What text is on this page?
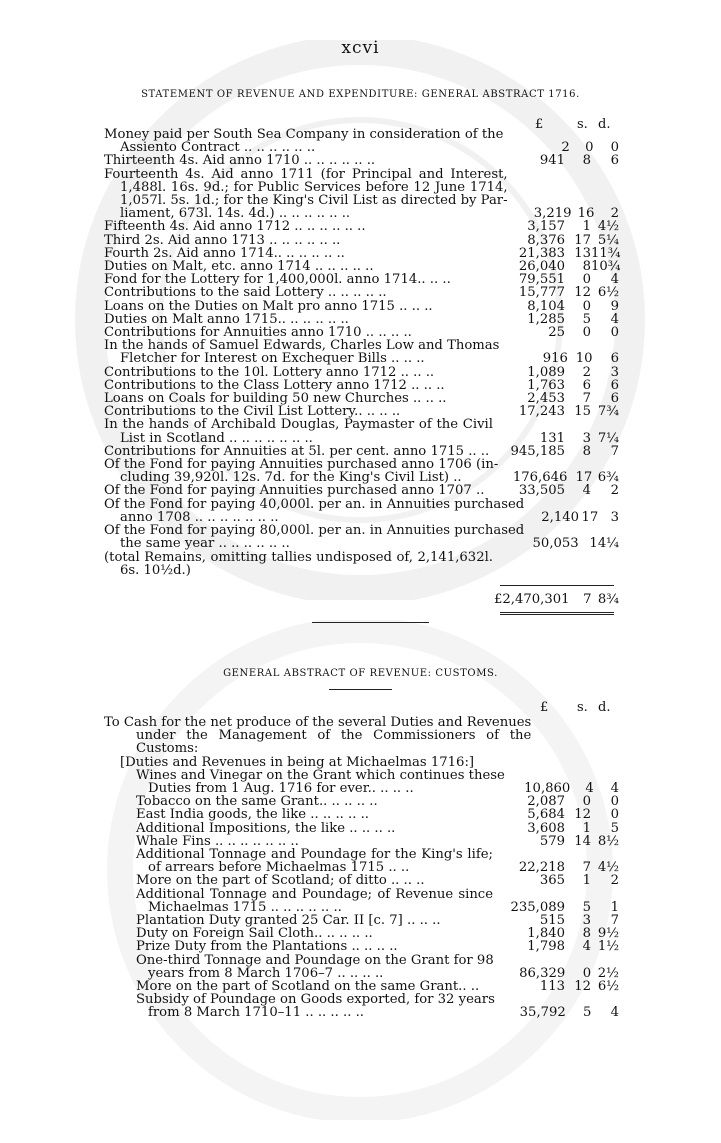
xcvi
STATEMENT OF REVENUE AND EXPENDITURE: GENERAL ABSTRACT 1716.
£	s. d.
Money paid per South Sea Company in consideration of the
Assiento Contract .. .. .. .. .. ..	2	0	0
Thirteenth 4s. Aid anno 1710 .. .. .. .. .. ..	941	8	6
Fourteenth 4s. Aid anno 1711 (for Principal and Interest,
1,488l. 16s. 9d.; for Public Services before 12 June 1714,
1,057l. 5s. 1d.; for the King's Civil List as directed by Par-
liament, 673l. 14s. 4d.) .. .. .. .. .. ..	3,219 16	2
Fifteenth 4s. Aid anno 1712 .. .. .. .. .. ..	3,157	1 4½
Third 2s. Aid anno 1713 .. .. .. .. .. ..	8,376 17 5¼
Fourth 2s. Aid anno 1714.. .. .. .. .. ..	21,383 13 11¾
Duties on Malt, etc. anno 1714 .. .. .. .. ..	26,040	8 10¾
Fond for the Lottery for 1,400,000l. anno 1714.. .. ..	79,551	0	4
Contributions to the said Lottery .. .. .. .. ..	15,777 12 6½
Loans on the Duties on Malt pro anno 1715 .. .. ..	8,104	0	9
Duties on Malt anno 1715.. .. .. .. .. ..	1,285	5	4
Contributions for Annuities anno 1710 .. .. .. ..	25	0	0
In the hands of Samuel Edwards, Charles Low and Thomas
Fletcher for Interest on Exchequer Bills .. .. ..	916 10	6
Contributions to the 10l. Lottery anno 1712 .. .. ..	1,089	2	3
Contributions to the Class Lottery anno 1712 .. .. ..	1,763	6	6
Loans on Coals for building 50 new Churches .. .. ..	2,453	7	6
Contributions to the Civil List Lottery.. .. .. ..	17,243 15 7¾
In the hands of Archibald Douglas, Paymaster of the Civil
List in Scotland .. .. .. .. .. .. ..	131	3 7¼
Contributions for Annuities at 5l. per cent. anno 1715 .. ..	945,185	8	7
Of the Fond for paying Annuities purchased anno 1706 (in-
cluding 39,920l. 12s. 7d. for the King's Civil List) ..	176,646 17 6¾
Of the Fond for paying Annuities purchased anno 1707 ..	33,505	4	2
Of the Fond for paying 40,000l. per an. in Annuities purchased
anno 1708 .. .. .. .. .. .. ..	2,140 17 3
Of the Fond for paying 80,000l. per an. in Annuities purchased
the same year .. .. .. .. .. ..	50,053 1 4¼
(total Remains, omitting tallies undisposed of, 2,141,632l.
6s. 10½d.)
£2,470,301	7 8¾
GENERAL ABSTRACT OF REVENUE: CUSTOMS.
£ s. d.
To Cash for the net produce of the several Duties and Revenues
under the Management of the Commissioners of the
Customs:
[Duties and Revenues in being at Michaelmas 1716:]
Wines and Vinegar on the Grant which continues these
Duties from 1 Aug. 1716 for ever.. .. .. ..	10,860	4	4
Tobacco on the same Grant.. .. .. .. ..	2,087	0	0
East India goods, the like .. .. .. .. ..	5,684 12	0
Additional Impositions, the like .. .. .. ..	3,608	1	5
Whale Fins .. .. .. .. .. .. ..	579 14 8½
Additional Tonnage and Poundage for the King's life;
of arrears before Michaelmas 1715 .. ..	22,218	7 4½
More on the part of Scotland; of ditto .. .. ..	365	1	2
Additional Tonnage and Poundage; of Revenue since
Michaelmas 1715 .. .. .. .. .. ..	235,089	5	1
Plantation Duty granted 25 Car. II [c. 7] .. .. ..	515	3	7
Duty on Foreign Sail Cloth.. .. .. .. ..	1,840	8 9½
Prize Duty from the Plantations .. .. .. ..	1,798	4 1½
One-third Tonnage and Poundage on the Grant for 98
years from 8 March 1706–7 .. .. .. ..	86,329	0 2½
More on the part of Scotland on the same Grant.. ..	113 12 6½
Subsidy of Poundage on Goods exported, for 32 years
from 8 March 1710–11 .. .. .. .. ..	35,792	5	4
